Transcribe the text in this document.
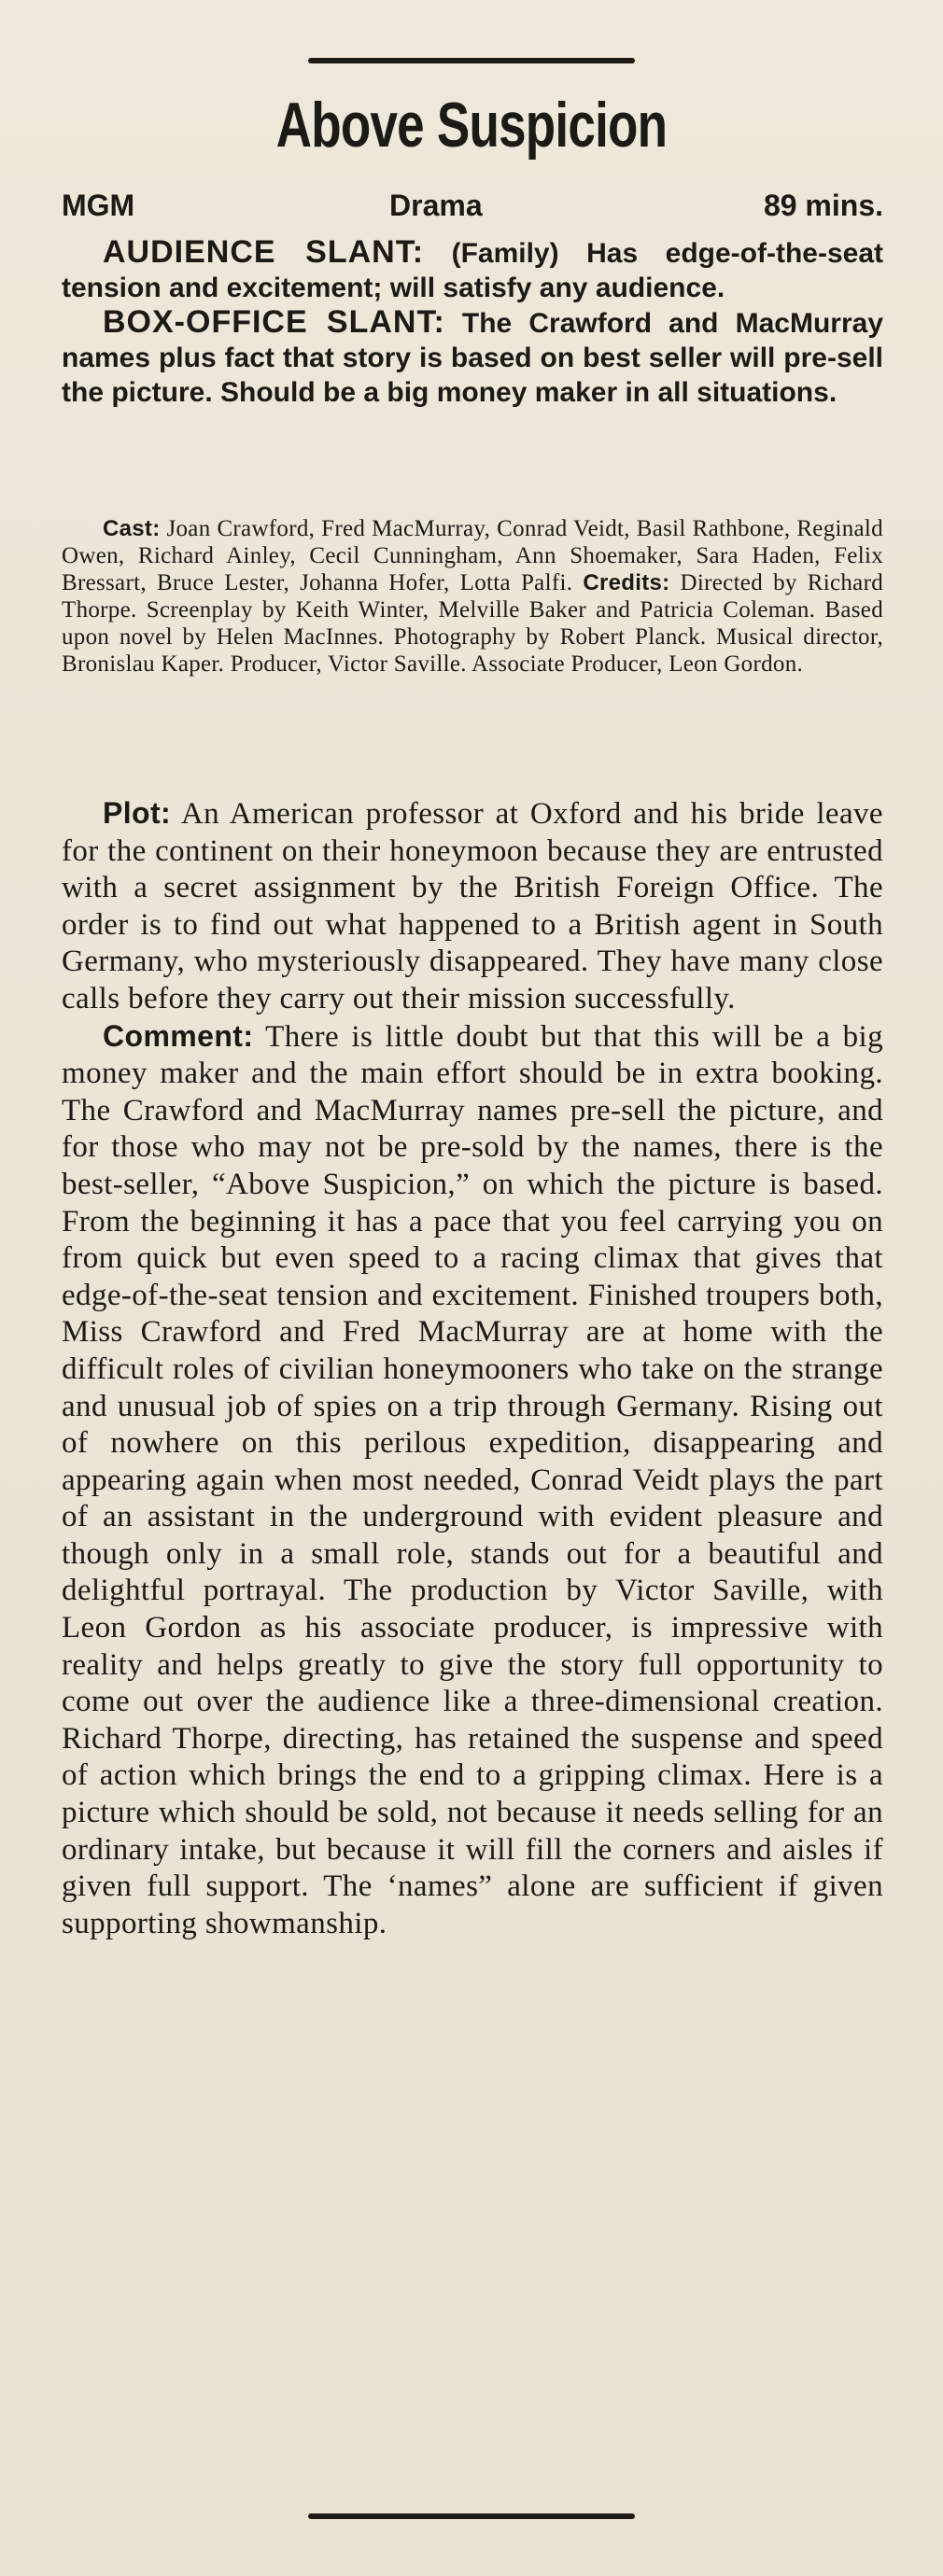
Above Suspicion
MGM	Drama	89 mins.

AUDIENCE SLANT: (Family) Has edge-of-the-seat tension and excitement; will satisfy any audience.

BOX-OFFICE SLANT: The Crawford and MacMurray names plus fact that story is based on best seller will pre-sell the picture. Should be a big money maker in all situations.

Cast: Joan Crawford, Fred MacMurray, Conrad Veidt, Basil Rathbone, Reginald Owen, Richard Ainley, Cecil Cunningham, Ann Shoemaker, Sara Haden, Felix Bressart, Bruce Lester, Johanna Hofer, Lotta Palfi. Credits: Directed by Richard Thorpe. Screenplay by Keith Winter, Melville Baker and Patricia Coleman. Based upon novel by Helen MacInnes. Photography by Robert Planck. Musical director, Bronislau Kaper. Producer, Victor Saville. Associate Producer, Leon Gordon.

Plot: An American professor at Oxford and his bride leave for the continent on their honeymoon because they are entrusted with a secret assignment by the British Foreign Office. The order is to find out what happened to a British agent in South Germany, who mysteriously disappeared. They have many close calls before they carry out their mission successfully.

Comment: There is little doubt but that this will be a big money maker and the main effort should be in extra booking. The Crawford and MacMurray names pre-sell the picture, and for those who may not be pre-sold by the names, there is the best-seller, “Above Suspicion,” on which the picture is based. From the beginning it has a pace that you feel carrying you on from quick but even speed to a racing climax that gives that edge-of-the-seat tension and excitement. Finished troupers both, Miss Crawford and Fred MacMurray are at home with the difficult roles of civilian honeymooners who take on the strange and unusual job of spies on a trip through Germany. Rising out of nowhere on this perilous expedition, disappearing and appearing again when most needed, Conrad Veidt plays the part of an assistant in the underground with evident pleasure and though only in a small role, stands out for a beautiful and delightful portrayal. The production by Victor Saville, with Leon Gordon as his associate producer, is impressive with reality and helps greatly to give the story full opportunity to come out over the audience like a three-dimensional creation. Richard Thorpe, directing, has retained the suspense and speed of action which brings the end to a gripping climax. Here is a picture which should be sold, not because it needs selling for an ordinary intake, but because it will fill the corners and aisles if given full support. The ‘names” alone are sufficient if given supporting showmanship.
